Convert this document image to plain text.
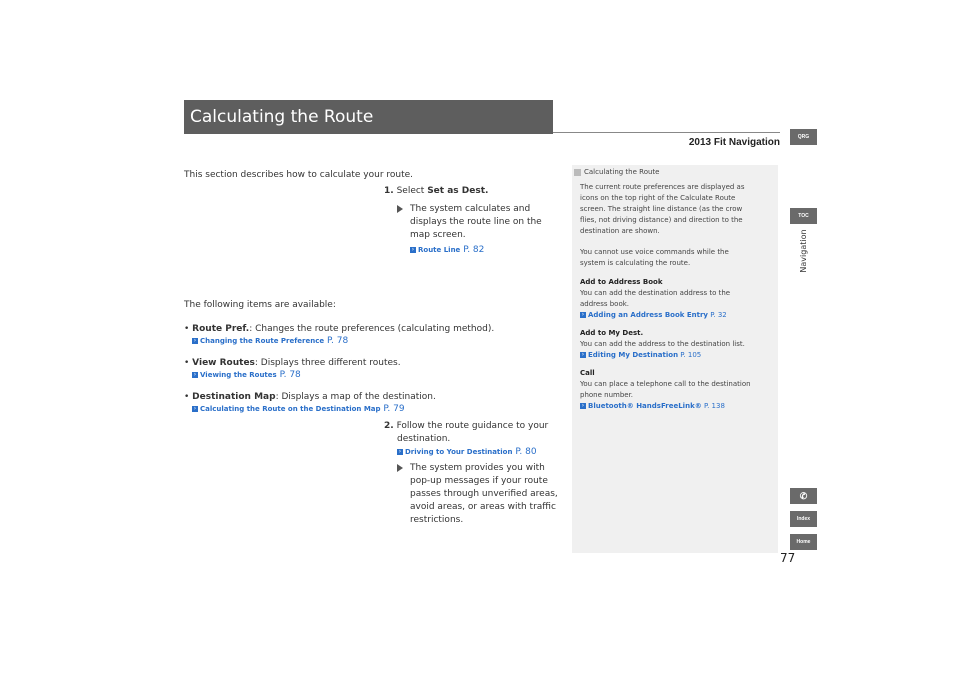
Calculating the Route
2013 Fit Navigation	QRG
TOC
Navigation
✆
Index
Home
77
This section describes how to calculate your route.
1. Select Set as Dest.
The system calculates and
displays the route line on the
map screen.
› Route Line P. 82
The following items are available:
• Route Pref.: Changes the route preferences (calculating method).
› Changing the Route Preference P. 78
• View Routes: Displays three different routes.
› Viewing the Routes P. 78
• Destination Map: Displays a map of the destination.
› Calculating the Route on the Destination Map P. 79
2. Follow the route guidance to your
destination.
› Driving to Your Destination P. 80
The system provides you with
pop-up messages if your route
passes through unverified areas,
avoid areas, or areas with traffic
restrictions.
Calculating the Route
The current route preferences are displayed as
icons on the top right of the Calculate Route
screen. The straight line distance (as the crow
flies, not driving distance) and direction to the
destination are shown.
You cannot use voice commands while the
system is calculating the route.
Add to Address Book
You can add the destination address to the
address book.
› Adding an Address Book Entry P. 32
Add to My Dest.
You can add the address to the destination list.
› Editing My Destination P. 105
Call
You can place a telephone call to the destination
phone number.
› Bluetooth® HandsFreeLink® P. 138
